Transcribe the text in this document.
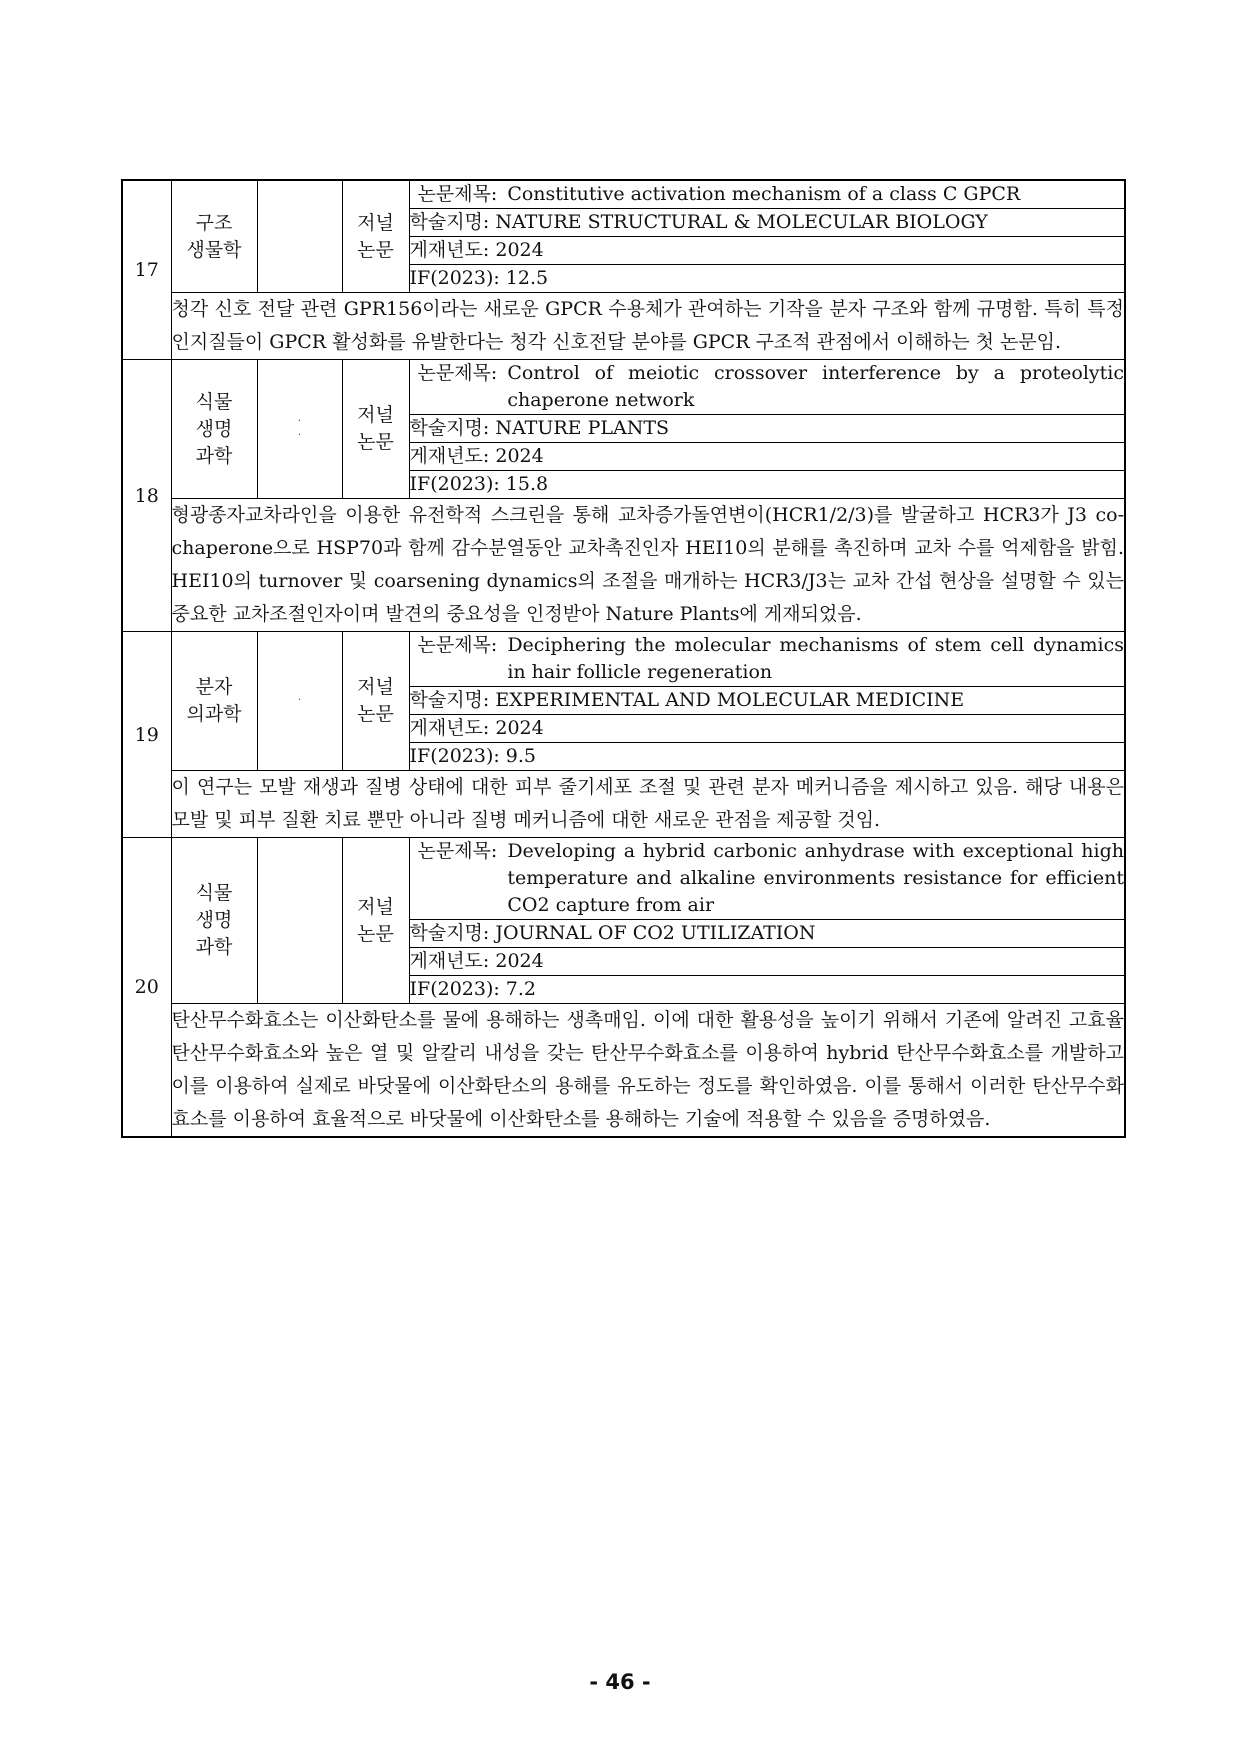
17	구조
생물학		저널
논문	논문제목: Constitutive activation mechanism of a class C GPCR

				학술지명: NATURE STRUCTURAL & MOLECULAR BIOLOGY
				게재년도: 2024
				IF(2023): 12.5
	청각 신호 전달 관련 GPR156이라는 새로운 GPCR 수용체가 관여하는 기작을 분자 구조와 함께 규명함. 특히 특정 인지질들이 GPCR 활성화를 유발한다는 청각 신호전달 분야를 GPCR 구조적 관점에서 이해하는 첫 논문임.			
18	식물
생명
과학	·
·	저널
논문	논문제목: Control of meiotic crossover interference by a proteolytic chaperone network

				학술지명: NATURE PLANTS
				게재년도: 2024
				IF(2023): 15.8
	형광종자교차라인을 이용한 유전학적 스크린을 통해 교차증가돌연변이(HCR1/2/3)를 발굴하고 HCR3가 J3 co-chaperone으로 HSP70과 함께 감수분열동안 교차촉진인자 HEI10의 분해를 촉진하며 교차 수를 억제함을 밝힘. HEI10의 turnover 및 coarsening dynamics의 조절을 매개하는 HCR3/J3는 교차 간섭 현상을 설명할 수 있는 중요한 교차조절인자이며 발견의 중요성을 인정받아 Nature Plants에 게재되었음.			
19	분자
의과학	·	저널
논문	논문제목: Deciphering the molecular mechanisms of stem cell dynamics in hair follicle regeneration

				학술지명: EXPERIMENTAL AND MOLECULAR MEDICINE
				게재년도: 2024
				IF(2023): 9.5
	이 연구는 모발 재생과 질병 상태에 대한 피부 줄기세포 조절 및 관련 분자 메커니즘을 제시하고 있음. 해당 내용은 모발 및 피부 질환 치료 뿐만 아니라 질병 메커니즘에 대한 새로운 관점을 제공할 것임.			
20	식물
생명
과학		저널
논문	논문제목: Developing a hybrid carbonic anhydrase with exceptional high temperature and alkaline environments resistance for efficient CO2 capture from air

				학술지명: JOURNAL OF CO2 UTILIZATION
				게재년도: 2024
				IF(2023): 7.2
	탄산무수화효소는 이산화탄소를 물에 용해하는 생촉매임. 이에 대한 활용성을 높이기 위해서 기존에 알려진 고효율 탄산무수화효소와 높은 열 및 알칼리 내성을 갖는 탄산무수화효소를 이용하여 hybrid 탄산무수화효소를 개발하고 이를 이용하여 실제로 바닷물에 이산화탄소의 용해를 유도하는 정도를 확인하였음. 이를 통해서 이러한 탄산무수화효소를 이용하여 효율적으로 바닷물에 이산화탄소를 용해하는 기술에 적용할 수 있음을 증명하였음.			
- 46 -
